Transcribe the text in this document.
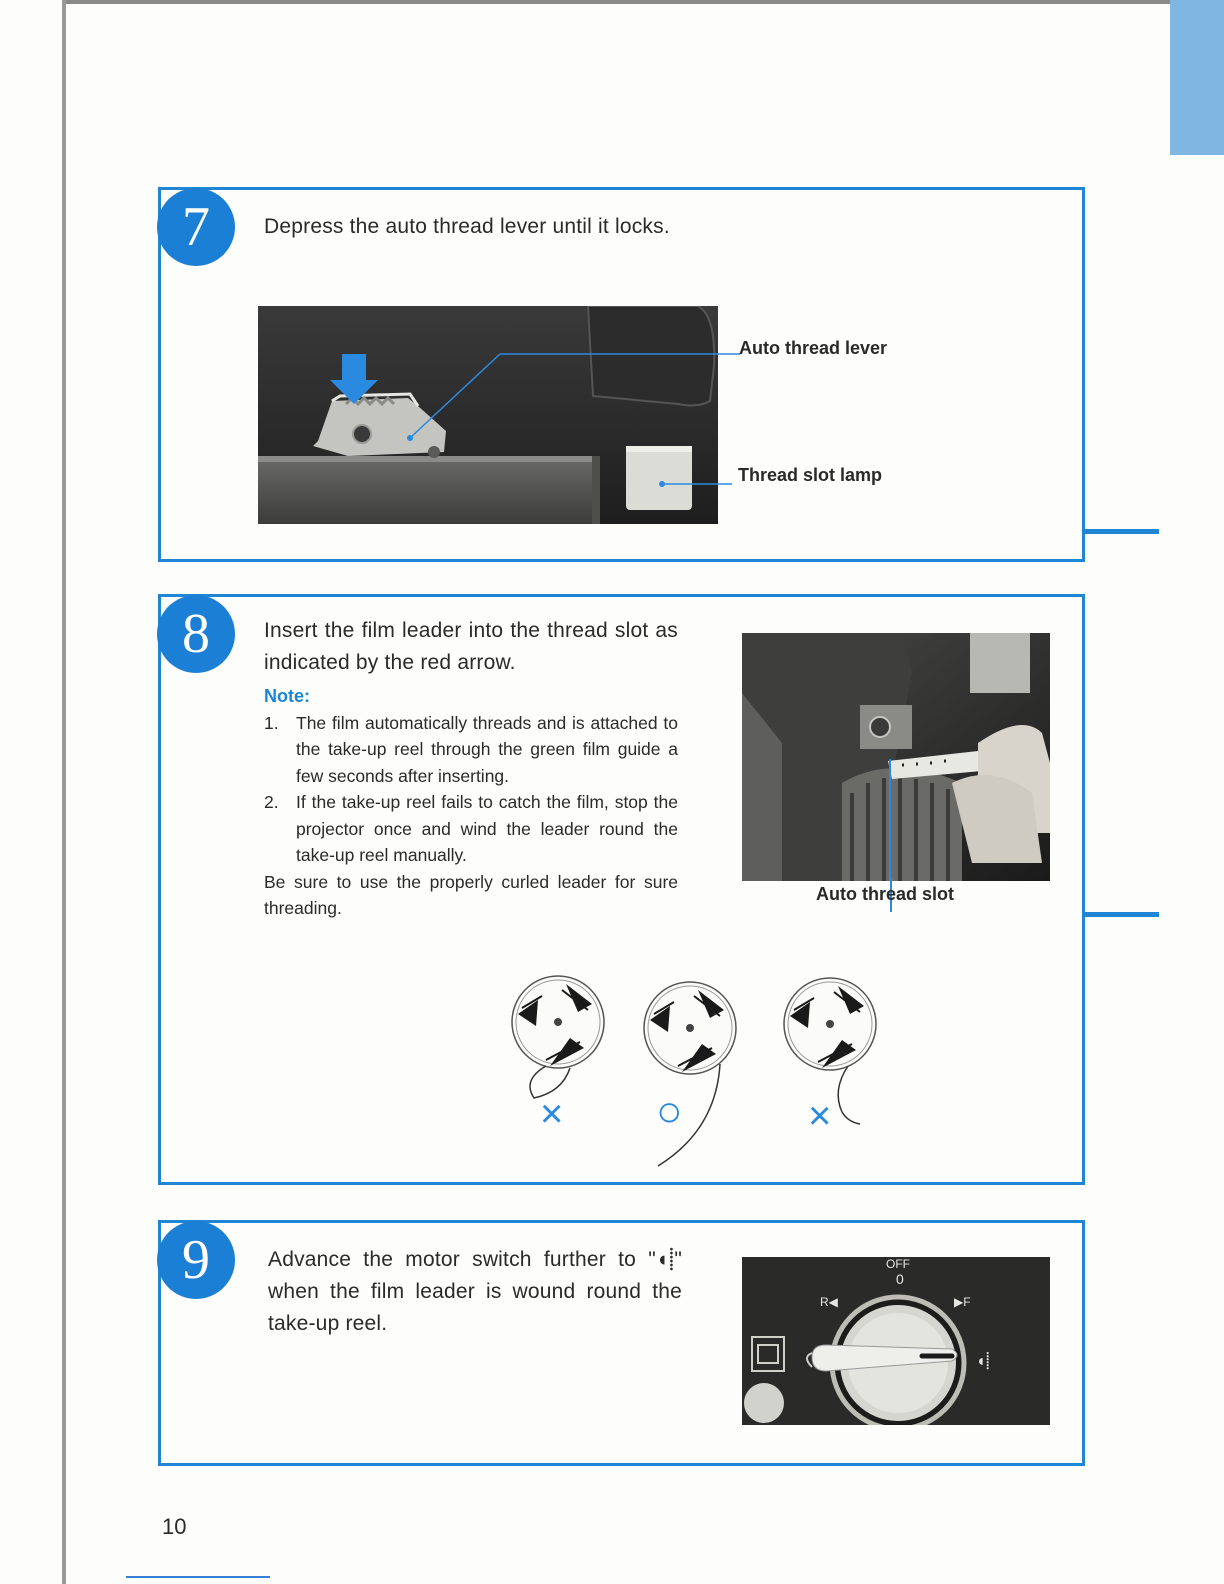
7	Depress the auto thread lever until it locks.
Auto thread lever
Thread slot lamp
8	Insert the film leader into the thread slot as indicated by the red arrow.
Note:
1. The film automatically threads and is attached to the take-up reel through the green film guide a few seconds after inserting.
2. If the take-up reel fails to catch the film, stop the projector once and wind the leader round the take-up reel manually.
Be sure to use the properly curled leader for sure threading.
Auto thread slot
× ○	×
9	Advance the motor switch further to "◖⸽" when the film leader is wound round the take-up reel.
OFF
0
R◀	▶F
◖⸽
10
